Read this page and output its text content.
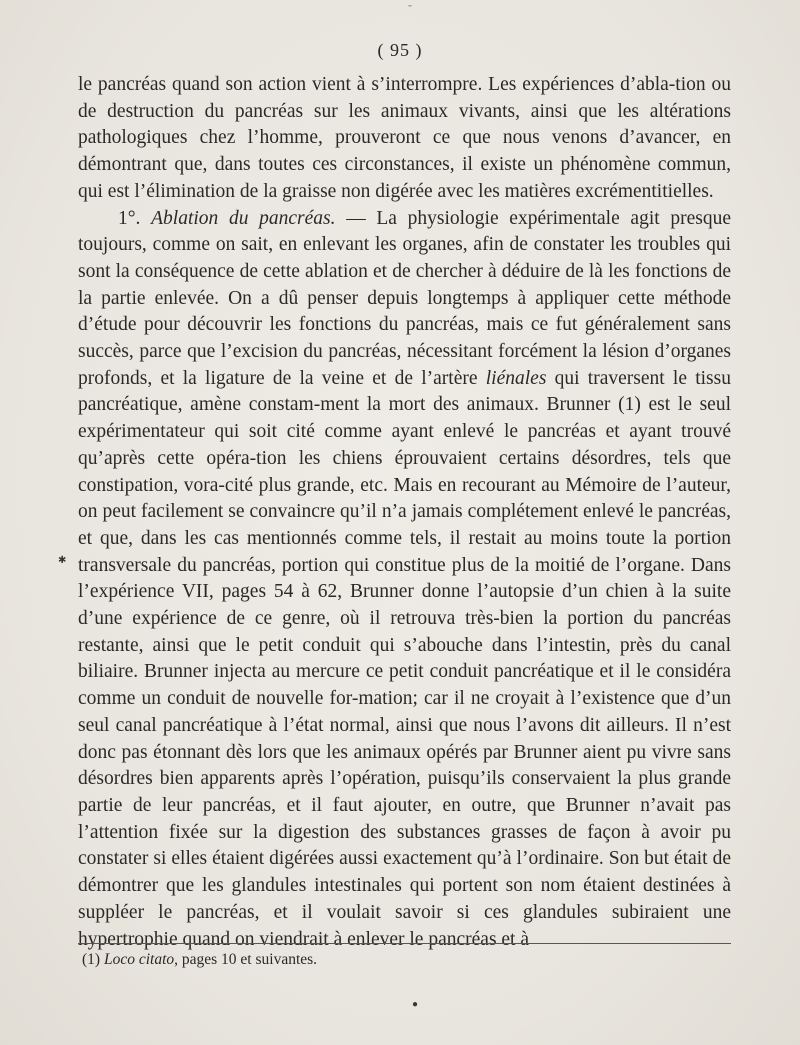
˘
( 95 )

le pancréas quand son action vient à s’interrompre. Les expériences d’abla-tion ou de destruction du pancréas sur les animaux vivants, ainsi que les altérations pathologiques chez l’homme, prouveront ce que nous venons d’avancer, en démontrant que, dans toutes ces circonstances, il existe un phénomène commun, qui est l’élimination de la graisse non digérée avec les matières excrémentitielles.

1°. Ablation du pancréas. — La physiologie expérimentale agit presque toujours, comme on sait, en enlevant les organes, afin de constater les troubles qui sont la conséquence de cette ablation et de chercher à déduire de là les fonctions de la partie enlevée. On a dû penser depuis longtemps à appliquer cette méthode d’étude pour découvrir les fonctions du pancréas, mais ce fut généralement sans succès, parce que l’excision du pancréas, nécessitant forcément la lésion d’organes profonds, et la ligature de la veine et de l’artère liénales qui traversent le tissu pancréatique, amène constam-ment la mort des animaux. Brunner (1) est le seul expérimentateur qui soit cité comme ayant enlevé le pancréas et ayant trouvé qu’après cette opéra-tion les chiens éprouvaient certains désordres, tels que constipation, vora-cité plus grande, etc. Mais en recourant au Mémoire de l’auteur, on peut facilement se convaincre qu’il n’a jamais complétement enlevé le pancréas, et que, dans les cas mentionnés comme tels, il restait au moins toute la portion transversale du pancréas, portion qui constitue plus de la moitié de l’organe. Dans l’expérience VII, pages 54 à 62, Brunner donne l’autopsie d’un chien à la suite d’une expérience de ce genre, où il retrouva très-bien la portion du pancréas restante, ainsi que le petit conduit qui s’abouche dans l’intestin, près du canal biliaire. Brunner injecta au mercure ce petit conduit pancréatique et il le considéra comme un conduit de nouvelle for-mation; car il ne croyait à l’existence que d’un seul canal pancréatique à l’état normal, ainsi que nous l’avons dit ailleurs. Il n’est donc pas étonnant dès lors que les animaux opérés par Brunner aient pu vivre sans désordres bien apparents après l’opération, puisqu’ils conservaient la plus grande partie de leur pancréas, et il faut ajouter, en outre, que Brunner n’avait pas l’attention fixée sur la digestion des substances grasses de façon à avoir pu constater si elles étaient digérées aussi exactement qu’à l’ordinaire. Son but était de démontrer que les glandules intestinales qui portent son nom étaient destinées à suppléer le pancréas, et il voulait savoir si ces glandules subiraient une hypertrophie quand on viendrait à enlever le pancréas et à

✱
(1) Loco citato, pages 10 et suivantes.
●
